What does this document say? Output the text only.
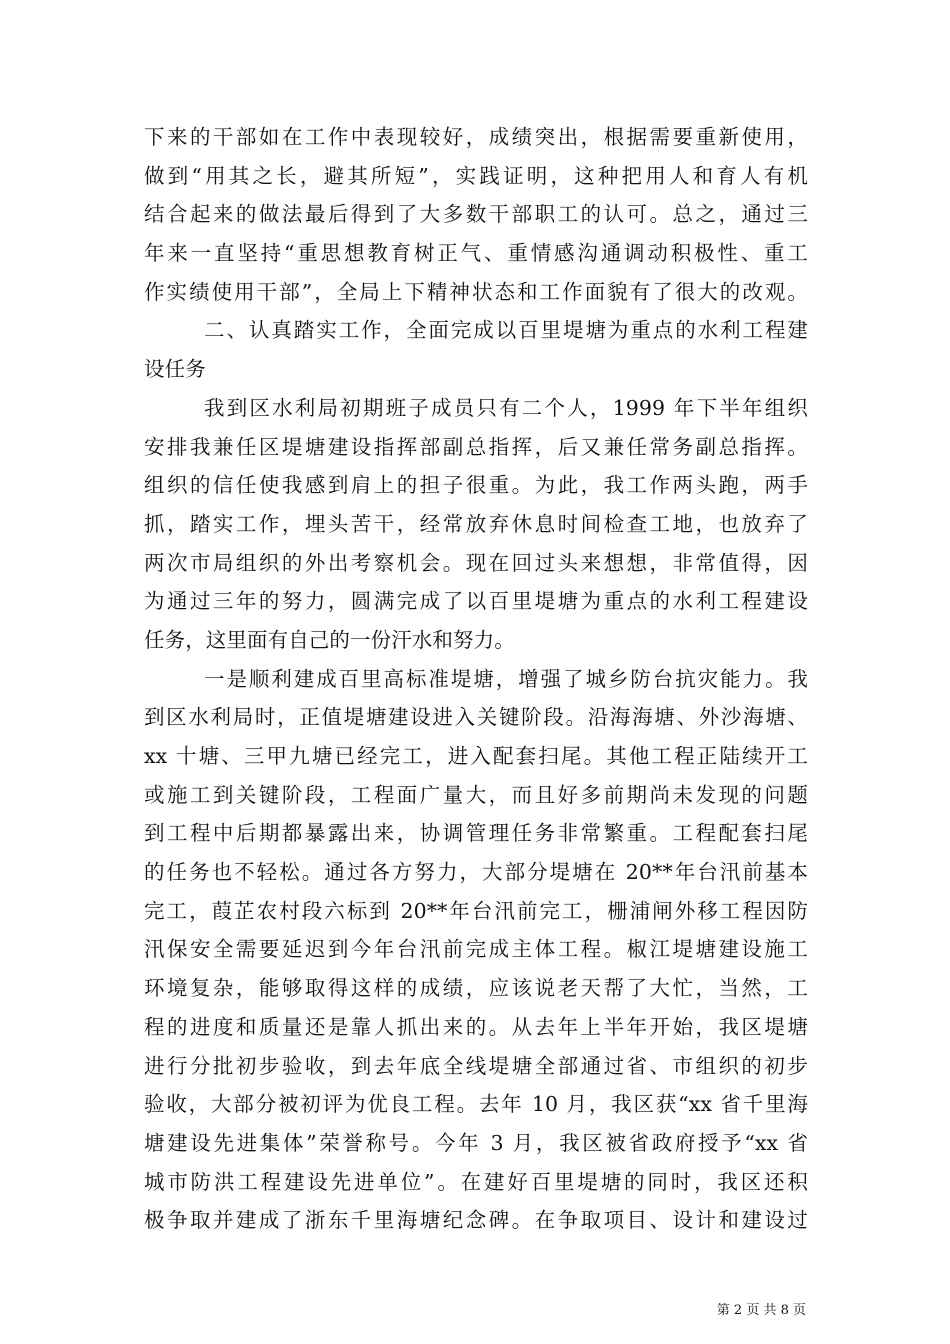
下来的干部如在工作中表现较好，成绩突出，根据需要重新使用，
做到“用其之长，避其所短”，实践证明，这种把用人和育人有机
结合起来的做法最后得到了大多数干部职工的认可。总之，通过三
年来一直坚持“重思想教育树正气、重情感沟通调动积极性、重工
作实绩使用干部”，全局上下精神状态和工作面貌有了很大的改观。
二、认真踏实工作，全面完成以百里堤塘为重点的水利工程建
设任务
我到区水利局初期班子成员只有二个人，1999 年下半年组织
安排我兼任区堤塘建设指挥部副总指挥，后又兼任常务副总指挥。
组织的信任使我感到肩上的担子很重。为此，我工作两头跑，两手
抓，踏实工作，埋头苦干，经常放弃休息时间检查工地，也放弃了
两次市局组织的外出考察机会。现在回过头来想想，非常值得，因
为通过三年的努力，圆满完成了以百里堤塘为重点的水利工程建设
任务，这里面有自己的一份汗水和努力。
一是顺利建成百里高标准堤塘，增强了城乡防台抗灾能力。我
到区水利局时，正值堤塘建设进入关键阶段。沿海海塘、外沙海塘、
xx 十塘、三甲九塘已经完工，进入配套扫尾。其他工程正陆续开工
或施工到关键阶段，工程面广量大，而且好多前期尚未发现的问题
到工程中后期都暴露出来，协调管理任务非常繁重。工程配套扫尾
的任务也不轻松。通过各方努力，大部分堤塘在 20**年台汛前基本
完工，葭芷农村段六标到 20**年台汛前完工，栅浦闸外移工程因防
汛保安全需要延迟到今年台汛前完成主体工程。椒江堤塘建设施工
环境复杂，能够取得这样的成绩，应该说老天帮了大忙，当然，工
程的进度和质量还是靠人抓出来的。从去年上半年开始，我区堤塘
进行分批初步验收，到去年底全线堤塘全部通过省、市组织的初步
验收，大部分被初评为优良工程。去年 10 月，我区获“xx 省千里海
塘建设先进集体”荣誉称号。今年 3 月，我区被省政府授予“xx 省
城市防洪工程建设先进单位”。在建好百里堤塘的同时，我区还积
极争取并建成了浙东千里海塘纪念碑。在争取项目、设计和建设过
第 2 页 共 8 页
